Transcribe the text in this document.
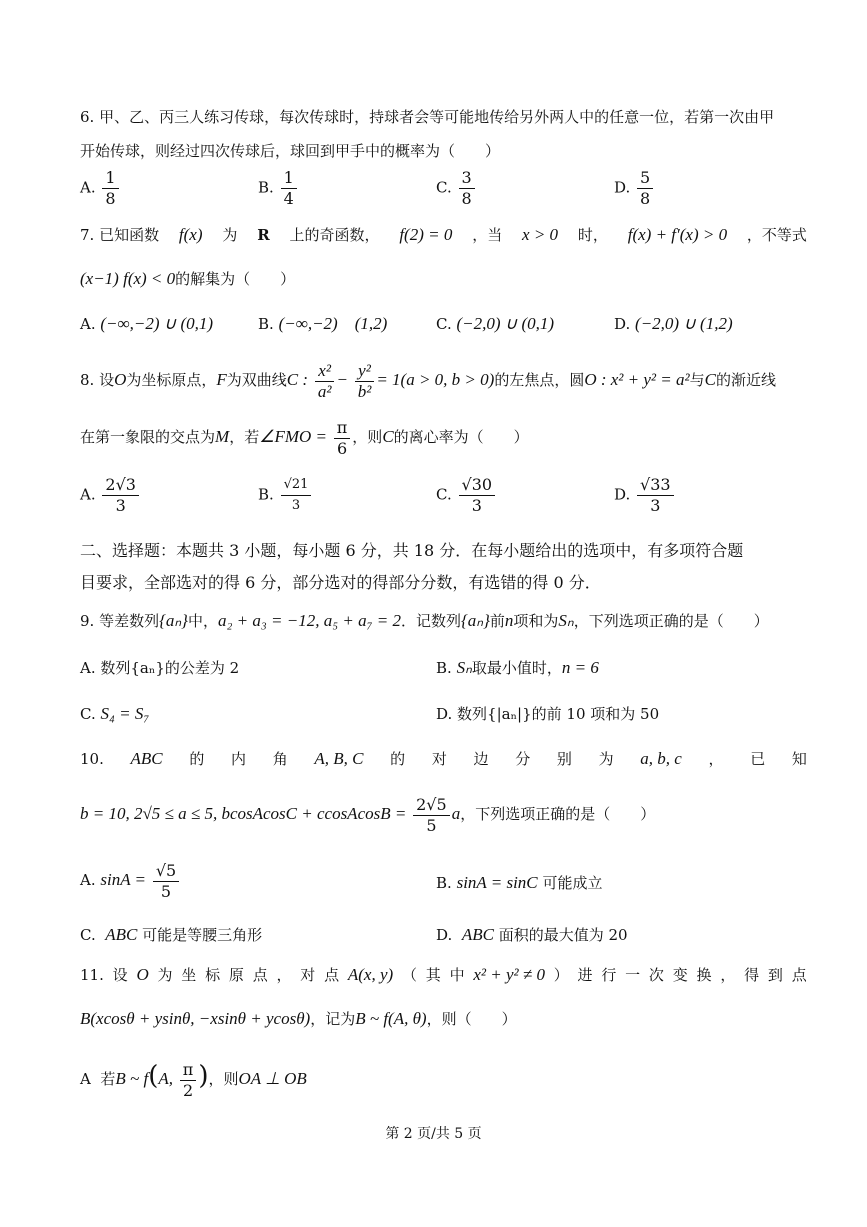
6. 甲、乙、丙三人练习传球，每次传球时，持球者会等可能地传给另外两人中的任意一位，若第一次由甲
开始传球，则经过四次传球后，球回到甲手中的概率为（　　）
A. $\frac{1}{8}$	B. $\frac{1}{4}$	C. $\frac{3}{8}$	D. $\frac{5}{8}$
7. 已知函数 f(x) 为 R 上的奇函数， f(2) = 0 ，当 x > 0 时， f(x) + f′(x) > 0 ，不等式
(x−1) f(x) < 0的解集为（　　）
A. (−∞,−2) ∪ (0,1)	B. (−∞,−2)　(1,2)	C. (−2,0) ∪ (0,1)	D. (−2,0) ∪ (1,2)
8. 设O为坐标原点，F为双曲线C : $\frac{\text{x²}}{\text{a²}} - \frac{\text{y²}}{\text{b²}} = 1(a > 0$, b > 0)的左焦点，圆O : x² + y² = a²与C的渐近线
在第一象限的交点为M，若∠FMO = $\frac{\pi}{6}$ ，则C的离心率为（　　）
A. $\frac{2√3}{3}$	B. $\frac{√21}{3}$	C. $\frac{√30}{3}$	D. $\frac{√33}{3}$
二、选择题：本题共 3 小题，每小题 6 分，共 18 分．在每小题给出的选项中，有多项符合题
目要求，全部选对的得 6 分，部分选对的得部分分数，有选错的得 0 分．
9. 等差数列{aₙ}中，a₂ + a₃ = −12, a₅ + a₇ = 2．记数列{aₙ}前n项和为Sₙ，下列选项正确的是（　　）
A. 数列{aₙ}的公差为 2	B. Sₙ取最小值时，n = 6
C. S₄ = S₇	D. 数列{|aₙ|}的前 10 项和为 50
10. ABC 的 内 角 A, B, C 的 对 边 分 别 为 a, b, c ， 已 知
b = 10, 2√5 ≤ a ≤ 5, bcosAcosC + ccosAcosB = $\frac{2√5}{5}$ a，下列选项正确的是（　　）
A. $\sin A = \frac{√5}{5}$	B. sinA = sinC 可能成立
C. ABC 可能是等腰三角形	D. ABC 面积的最大值为 20
11. 设 O 为 坐 标 原 点 ， 对 点 A(x, y) （ 其 中 x² + y² ≠ 0 ） 进 行 一 次 变 换 ， 得 到 点
B(xcosθ + ysinθ, −xsinθ + ycosθ)，记为B ~ f(A, θ)，则（　　）
A 若B ~ f(A, $\frac{\pi}{2}$ )，则OA ⊥ OB
第 2 页/共 5 页
